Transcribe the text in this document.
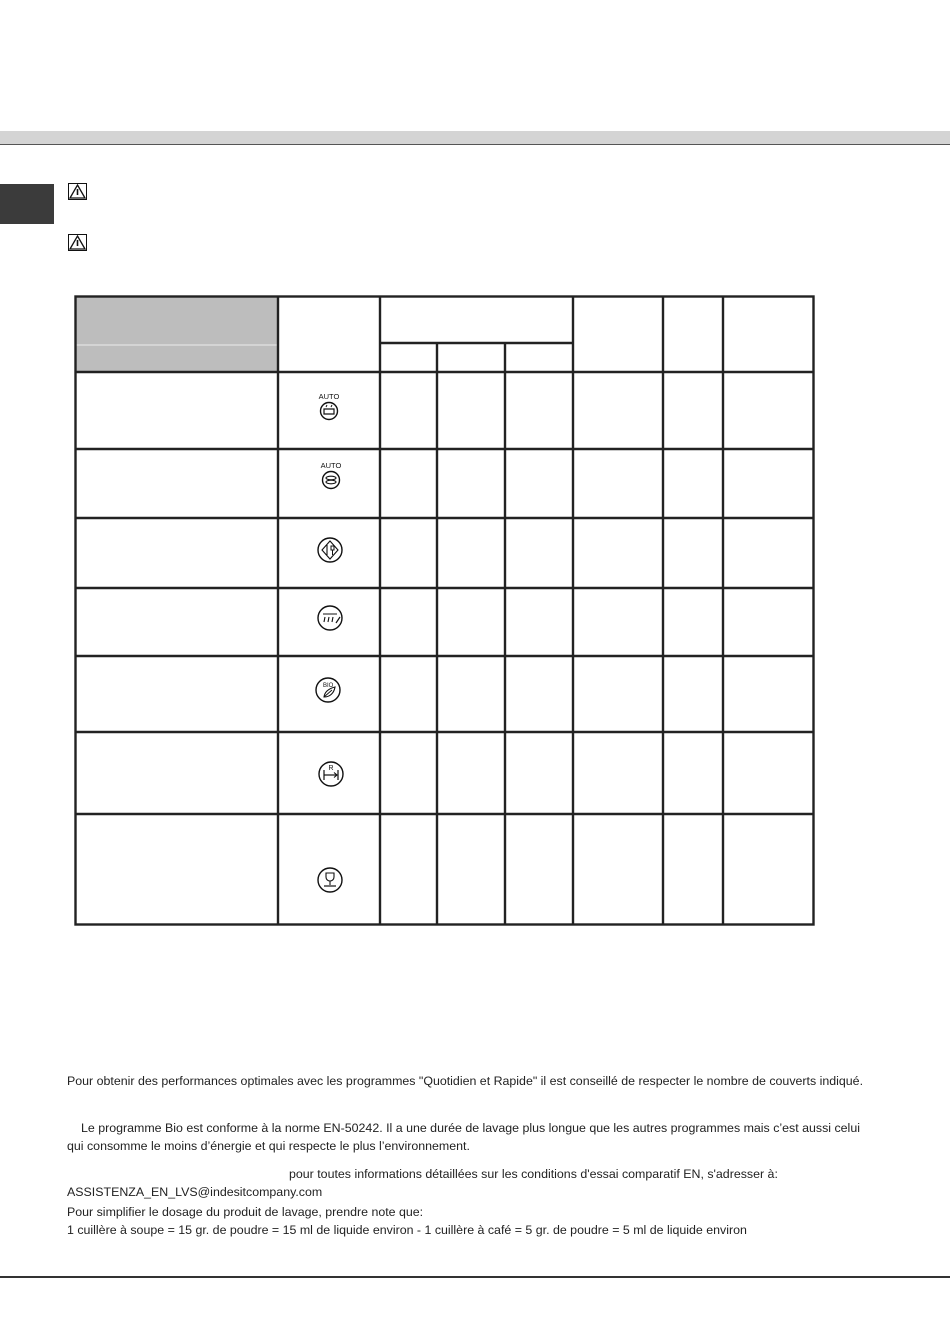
AUTO
AUTO
BIO
R

Pour obtenir des performances optimales avec les programmes "Quotidien et Rapide" il est conseillé de respecter le nombre de couverts indiqué.

Le programme Bio est conforme à la norme EN-50242. Il a une durée de lavage plus longue que les autres programmes mais c’est aussi celui qui consomme le moins d’énergie et qui respecte le plus l’environnement.

pour toutes informations détaillées sur les conditions d'essai comparatif EN, s'adresser à:
ASSISTENZA_EN_LVS@indesitcompany.com
Pour simplifier le dosage du produit de lavage, prendre note que:
1 cuillère à soupe = 15 gr. de poudre = 15 ml de liquide environ - 1 cuillère à café = 5 gr. de poudre = 5 ml de liquide environ
